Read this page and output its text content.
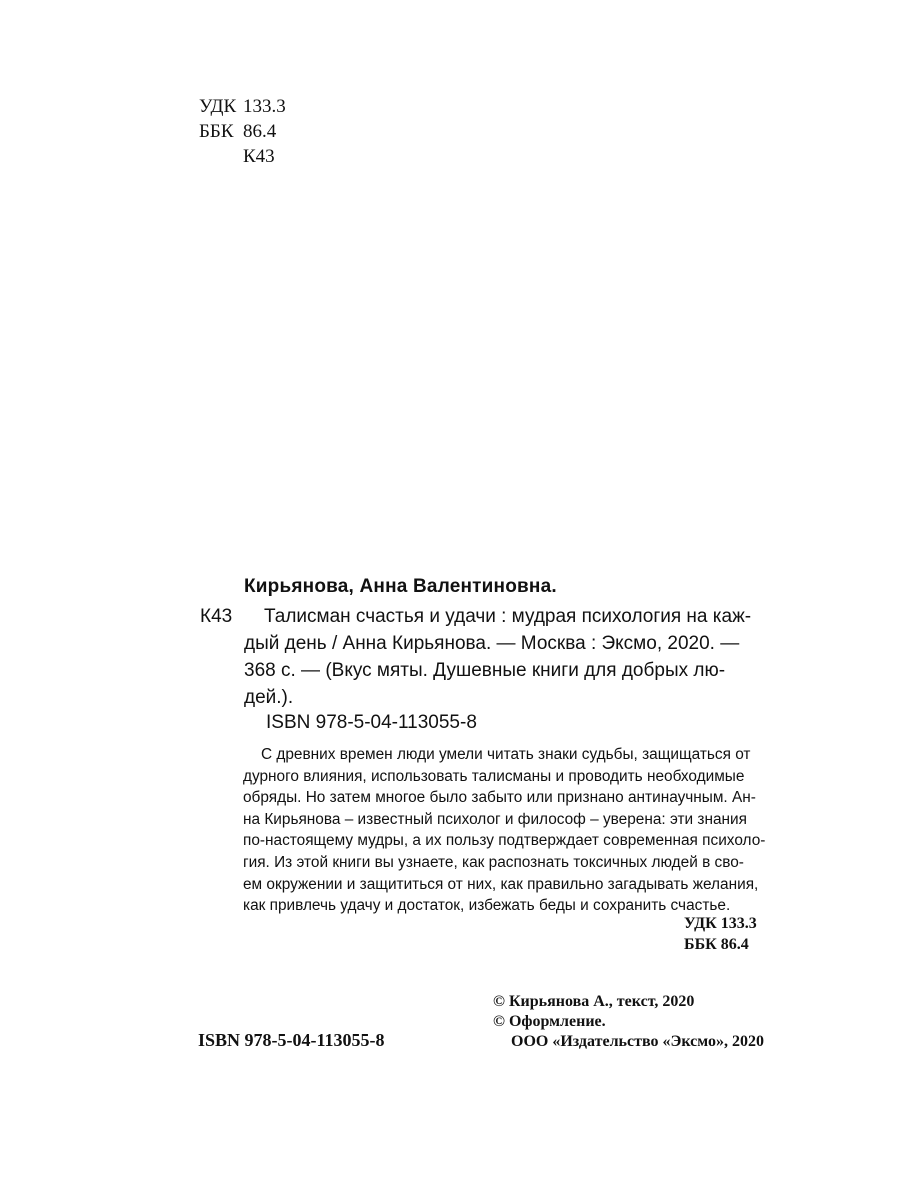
УДК 133.3
ББК 86.4
К43
Кирьянова, Анна Валентиновна.
К43	Талисман счастья и удачи : мудрая психология на каж-
дый день / Анна Кирьянова. — Москва : Эксмо, 2020. —
368 с. — (Вкус мяты. Душевные книги для добрых лю-
дей.).
ISBN 978-5-04-113055-8
С древних времен люди умели читать знаки судьбы, защищаться от
дурного влияния, использовать талисманы и проводить необходимые
обряды. Но затем многое было забыто или признано антинаучным. Ан-
на Кирьянова – известный психолог и философ – уверена: эти знания
по-настоящему мудры, а их пользу подтверждает современная психоло-
гия. Из этой книги вы узнаете, как распознать токсичных людей в сво-
ем окружении и защититься от них, как правильно загадывать желания,
как привлечь удачу и достаток, избежать беды и сохранить счастье.
УДК 133.3
ББК 86.4
© Кирьянова А., текст, 2020
© Оформление.
ООО «Издательство «Эксмо», 2020
ISBN 978-5-04-113055-8
